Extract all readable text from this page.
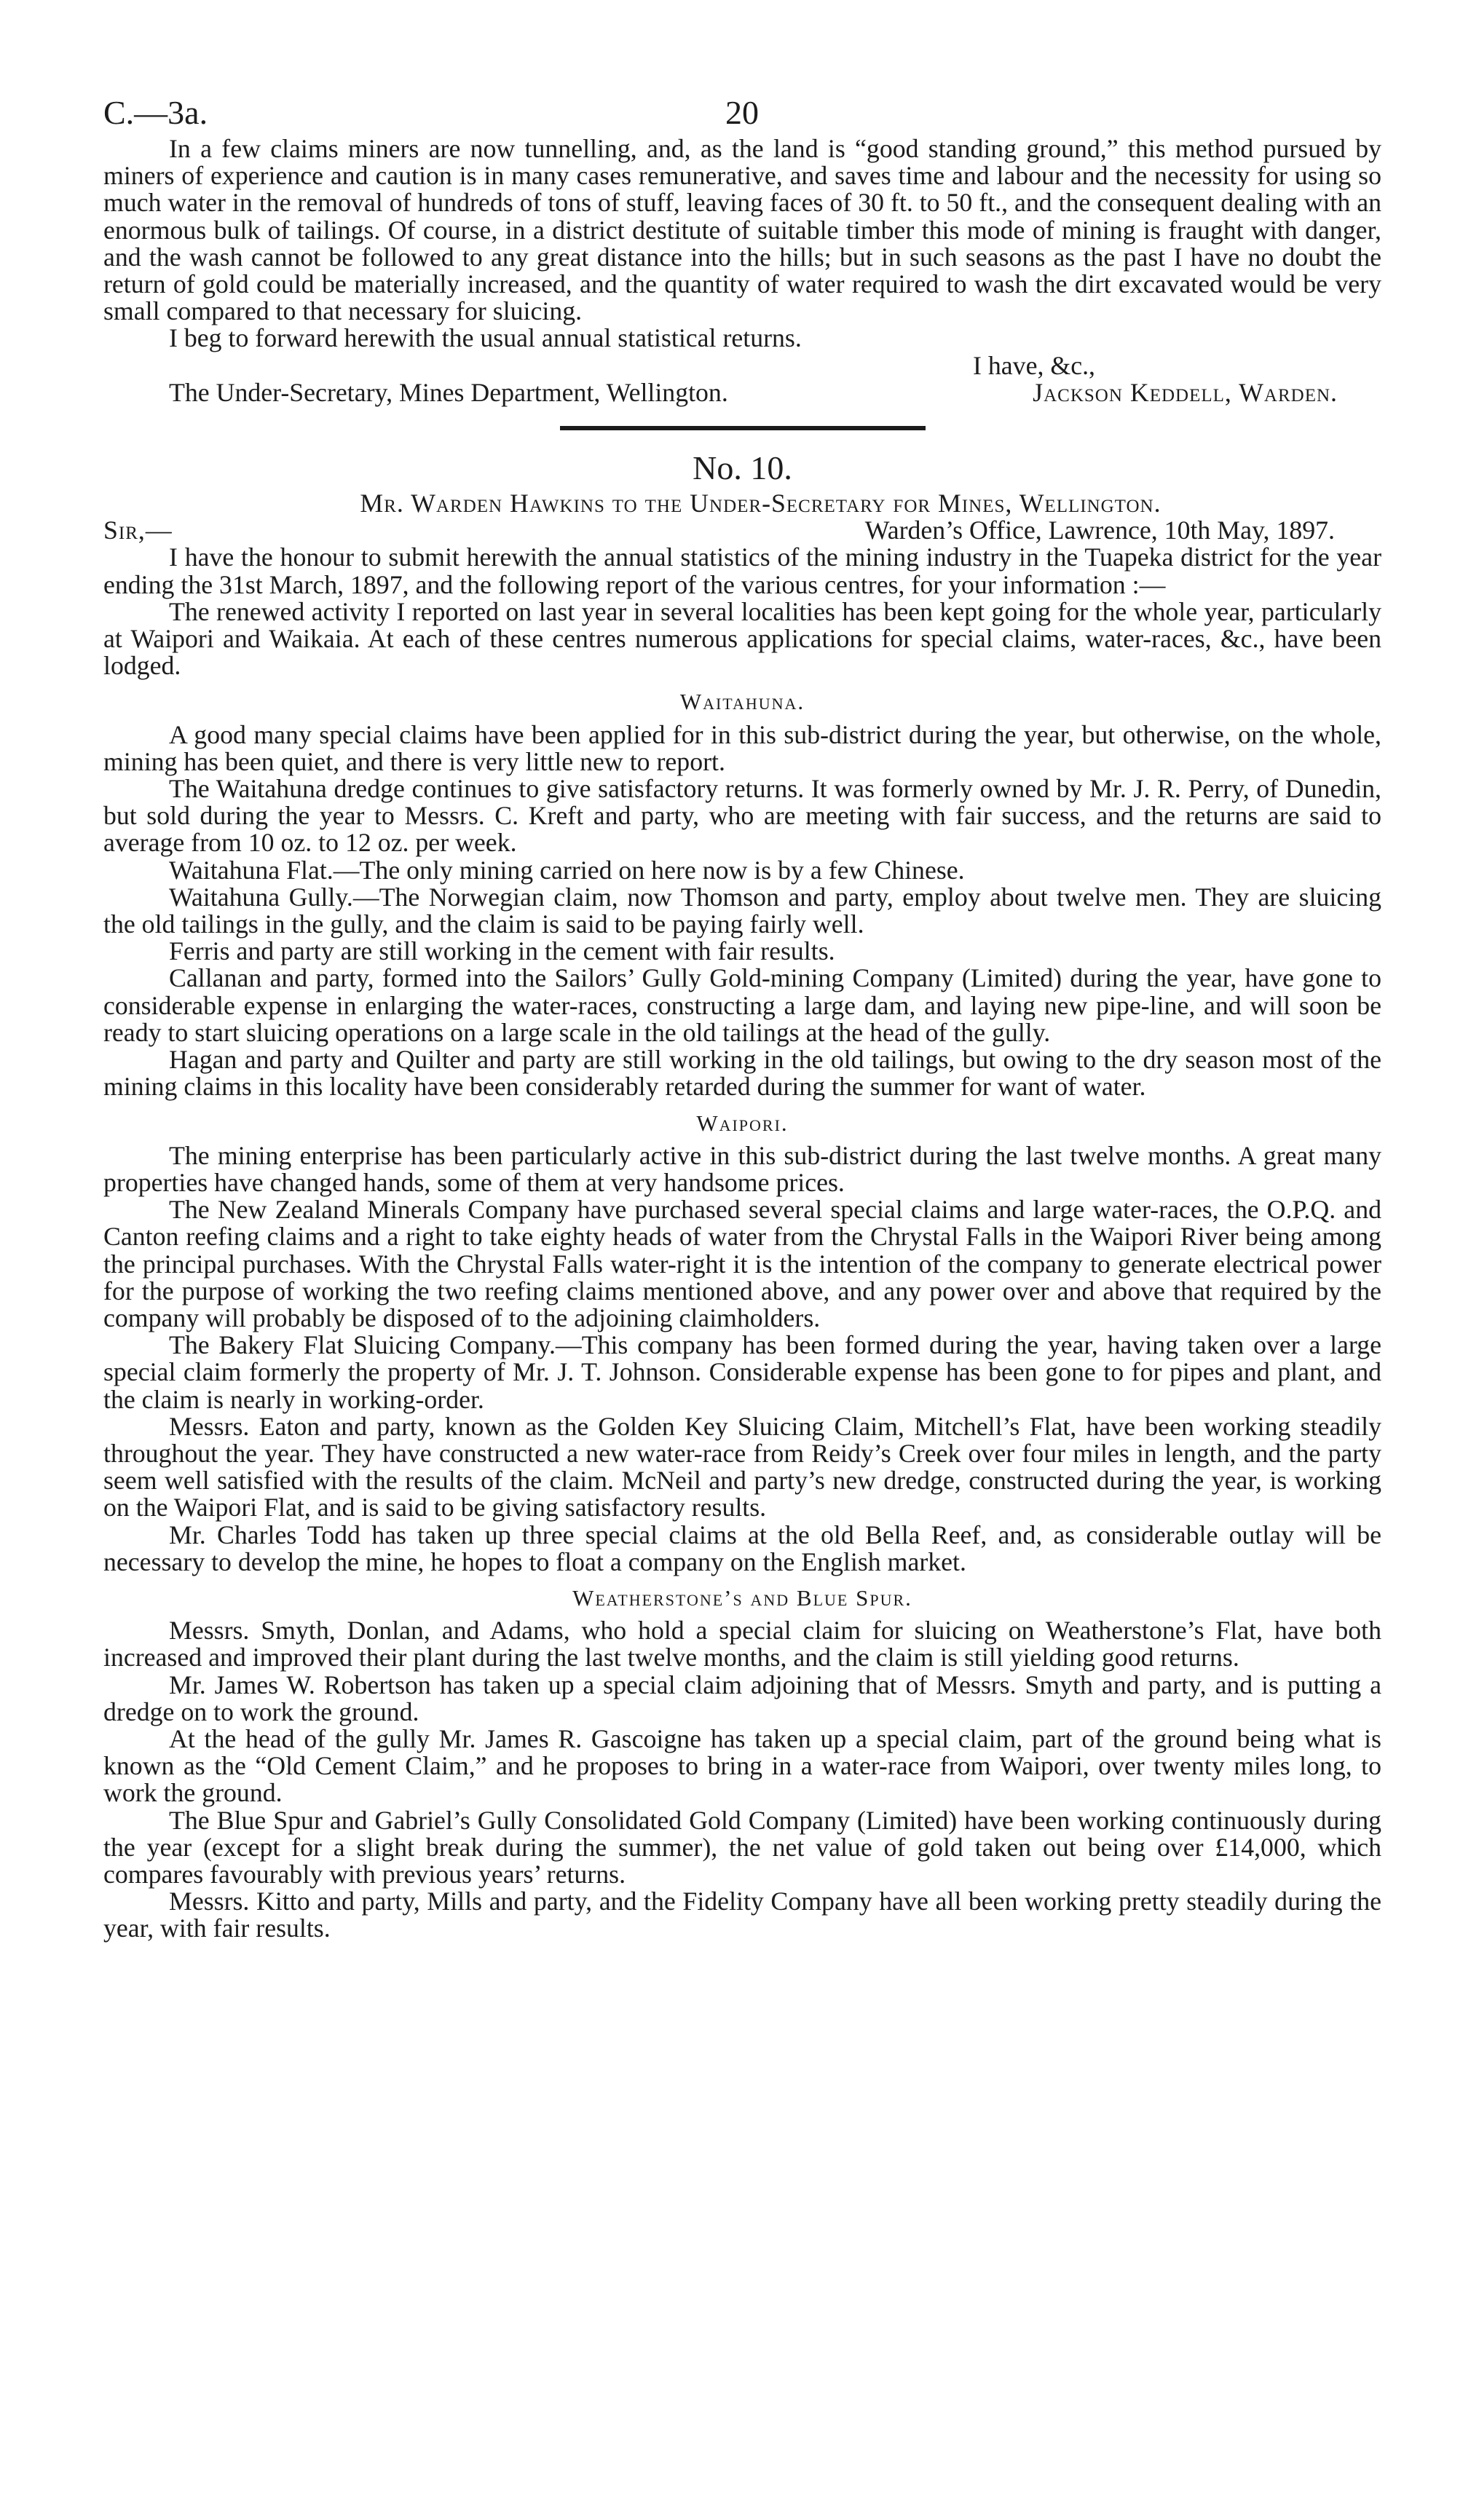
C.—3a.	20

In a few claims miners are now tunnelling, and, as the land is “good standing ground,” this method pursued by miners of experience and caution is in many cases remunerative, and saves time and labour and the necessity for using so much water in the removal of hundreds of tons of stuff, leaving faces of 30 ft. to 50 ft., and the consequent dealing with an enormous bulk of tailings. Of course, in a district destitute of suitable timber this mode of mining is fraught with danger, and the wash cannot be followed to any great distance into the hills; but in such seasons as the past I have no doubt the return of gold could be materially increased, and the quantity of water required to wash the dirt excavated would be very small compared to that necessary for sluicing.

I beg to forward herewith the usual annual statistical returns.

I have, &c.,

The Under-Secretary, Mines Department, Wellington.	Jackson Keddell, Warden.

No. 10.

Mr. Warden Hawkins to the Under-Secretary for Mines, Wellington.

Sir,—	Warden’s Office, Lawrence, 10th May, 1897.

I have the honour to submit herewith the annual statistics of the mining industry in the Tuapeka district for the year ending the 31st March, 1897, and the following report of the various centres, for your information :—

The renewed activity I reported on last year in several localities has been kept going for the whole year, particularly at Waipori and Waikaia. At each of these centres numerous applications for special claims, water-races, &c., have been lodged.

Waitahuna.

A good many special claims have been applied for in this sub-district during the year, but otherwise, on the whole, mining has been quiet, and there is very little new to report.

The Waitahuna dredge continues to give satisfactory returns. It was formerly owned by Mr. J. R. Perry, of Dunedin, but sold during the year to Messrs. C. Kreft and party, who are meeting with fair success, and the returns are said to average from 10 oz. to 12 oz. per week.

Waitahuna Flat.—The only mining carried on here now is by a few Chinese.

Waitahuna Gully.—The Norwegian claim, now Thomson and party, employ about twelve men. They are sluicing the old tailings in the gully, and the claim is said to be paying fairly well.

Ferris and party are still working in the cement with fair results.

Callanan and party, formed into the Sailors’ Gully Gold-mining Company (Limited) during the year, have gone to considerable expense in enlarging the water-races, constructing a large dam, and laying new pipe-line, and will soon be ready to start sluicing operations on a large scale in the old tailings at the head of the gully.

Hagan and party and Quilter and party are still working in the old tailings, but owing to the dry season most of the mining claims in this locality have been considerably retarded during the summer for want of water.

Waipori.

The mining enterprise has been particularly active in this sub-district during the last twelve months. A great many properties have changed hands, some of them at very handsome prices.

The New Zealand Minerals Company have purchased several special claims and large water-races, the O.P.Q. and Canton reefing claims and a right to take eighty heads of water from the Chrystal Falls in the Waipori River being among the principal purchases. With the Chrystal Falls water-right it is the intention of the company to generate electrical power for the purpose of working the two reefing claims mentioned above, and any power over and above that required by the company will probably be disposed of to the adjoining claimholders.

The Bakery Flat Sluicing Company.—This company has been formed during the year, having taken over a large special claim formerly the property of Mr. J. T. Johnson. Considerable expense has been gone to for pipes and plant, and the claim is nearly in working-order.

Messrs. Eaton and party, known as the Golden Key Sluicing Claim, Mitchell’s Flat, have been working steadily throughout the year. They have constructed a new water-race from Reidy’s Creek over four miles in length, and the party seem well satisfied with the results of the claim. McNeil and party’s new dredge, constructed during the year, is working on the Waipori Flat, and is said to be giving satisfactory results.

Mr. Charles Todd has taken up three special claims at the old Bella Reef, and, as considerable outlay will be necessary to develop the mine, he hopes to float a company on the English market.

Weatherstone’s and Blue Spur.

Messrs. Smyth, Donlan, and Adams, who hold a special claim for sluicing on Weatherstone’s Flat, have both increased and improved their plant during the last twelve months, and the claim is still yielding good returns.

Mr. James W. Robertson has taken up a special claim adjoining that of Messrs. Smyth and party, and is putting a dredge on to work the ground.

At the head of the gully Mr. James R. Gascoigne has taken up a special claim, part of the ground being what is known as the “Old Cement Claim,” and he proposes to bring in a water-race from Waipori, over twenty miles long, to work the ground.

The Blue Spur and Gabriel’s Gully Consolidated Gold Company (Limited) have been working continuously during the year (except for a slight break during the summer), the net value of gold taken out being over £14,000, which compares favourably with previous years’ returns.

Messrs. Kitto and party, Mills and party, and the Fidelity Company have all been working pretty steadily during the year, with fair results.
